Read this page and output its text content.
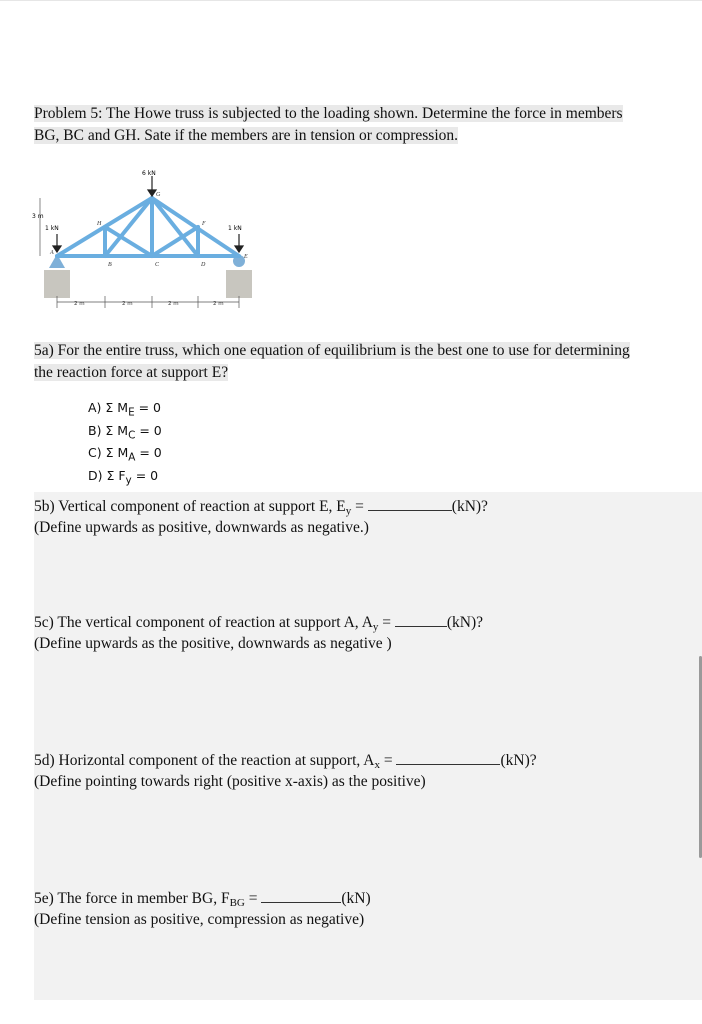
Problem 5: The Howe truss is subjected to the loading shown. Determine the force in members
BG, BC and GH. Sate if the members are in tension or compression.
6 kN
1 kN	1 kN
3 m
A
H
G
F
E
B	C	D
2 m	2 m	2 m	2 m
5a) For the entire truss, which one equation of equilibrium is the best one to use for determining
the reaction force at support E?
A) Σ $M_E = 0$
B) Σ $M_C = 0$
C) Σ $M_A = 0$
D) Σ $F_y = 0$
5b) Vertical component of reaction at support E, Ey =	(kN)?
(Define upwards as positive, downwards as negative.)
5c) The vertical component of reaction at support A, Ay =	(kN)?
(Define upwards as the positive, downwards as negative )
5d) Horizontal component of the reaction at support, Ax =	(kN)?
(Define pointing towards right (positive x-axis) as the positive)
5e) The force in member BG, FBG =	(kN)
(Define tension as positive, compression as negative)
